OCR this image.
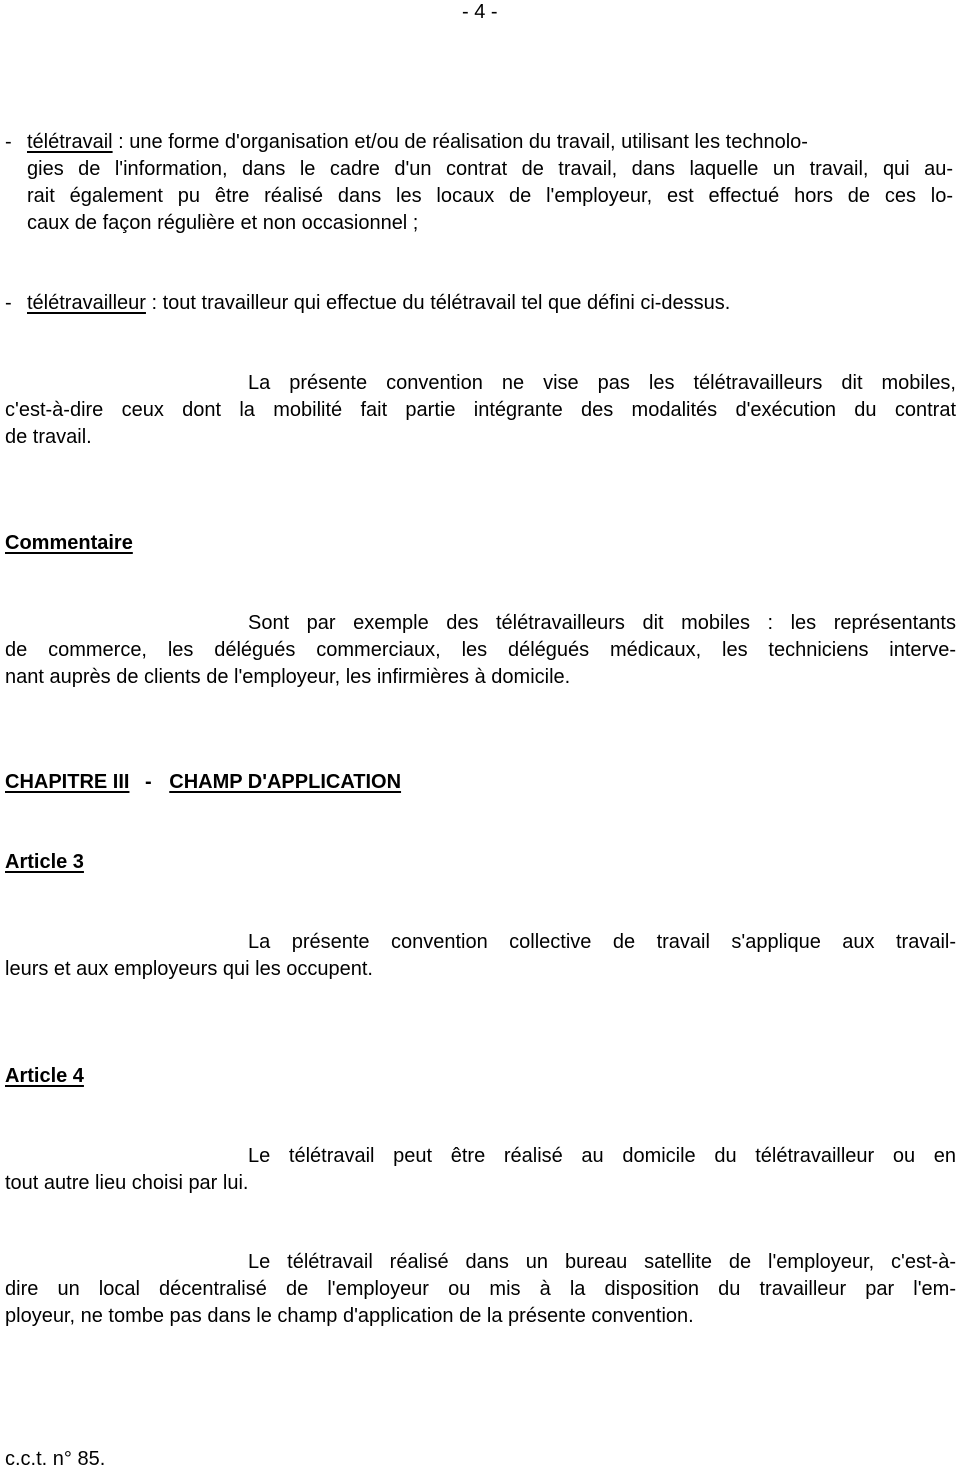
- 4 -
- télétravail : une forme d'organisation et/ou de réalisation du travail, utilisant les technolo-
gies de l'information, dans le cadre d'un contrat de travail, dans laquelle un travail, qui au-
rait également pu être réalisé dans les locaux de l'employeur, est effectué hors de ces lo-
caux de façon régulière et non occasionnel ;
- télétravailleur : tout travailleur qui effectue du télétravail tel que défini ci-dessus.
La présente convention ne vise pas les télétravailleurs dit mobiles,
c'est-à-dire ceux dont la mobilité fait partie intégrante des modalités d'exécution du contrat
de travail.
Commentaire
Sont par exemple des télétravailleurs dit mobiles : les représentants
de commerce, les délégués commerciaux, les délégués médicaux, les techniciens interve-
nant auprès de clients de l'employeur, les infirmières à domicile.
CHAPITRE III - CHAMP D'APPLICATION
Article 3
La présente convention collective de travail s'applique aux travail-
leurs et aux employeurs qui les occupent.
Article 4
Le télétravail peut être réalisé au domicile du télétravailleur ou en
tout autre lieu choisi par lui.
Le télétravail réalisé dans un bureau satellite de l'employeur, c'est-à-
dire un local décentralisé de l'employeur ou mis à la disposition du travailleur par l'em-
ployeur, ne tombe pas dans le champ d'application de la présente convention.
c.c.t. n° 85.
